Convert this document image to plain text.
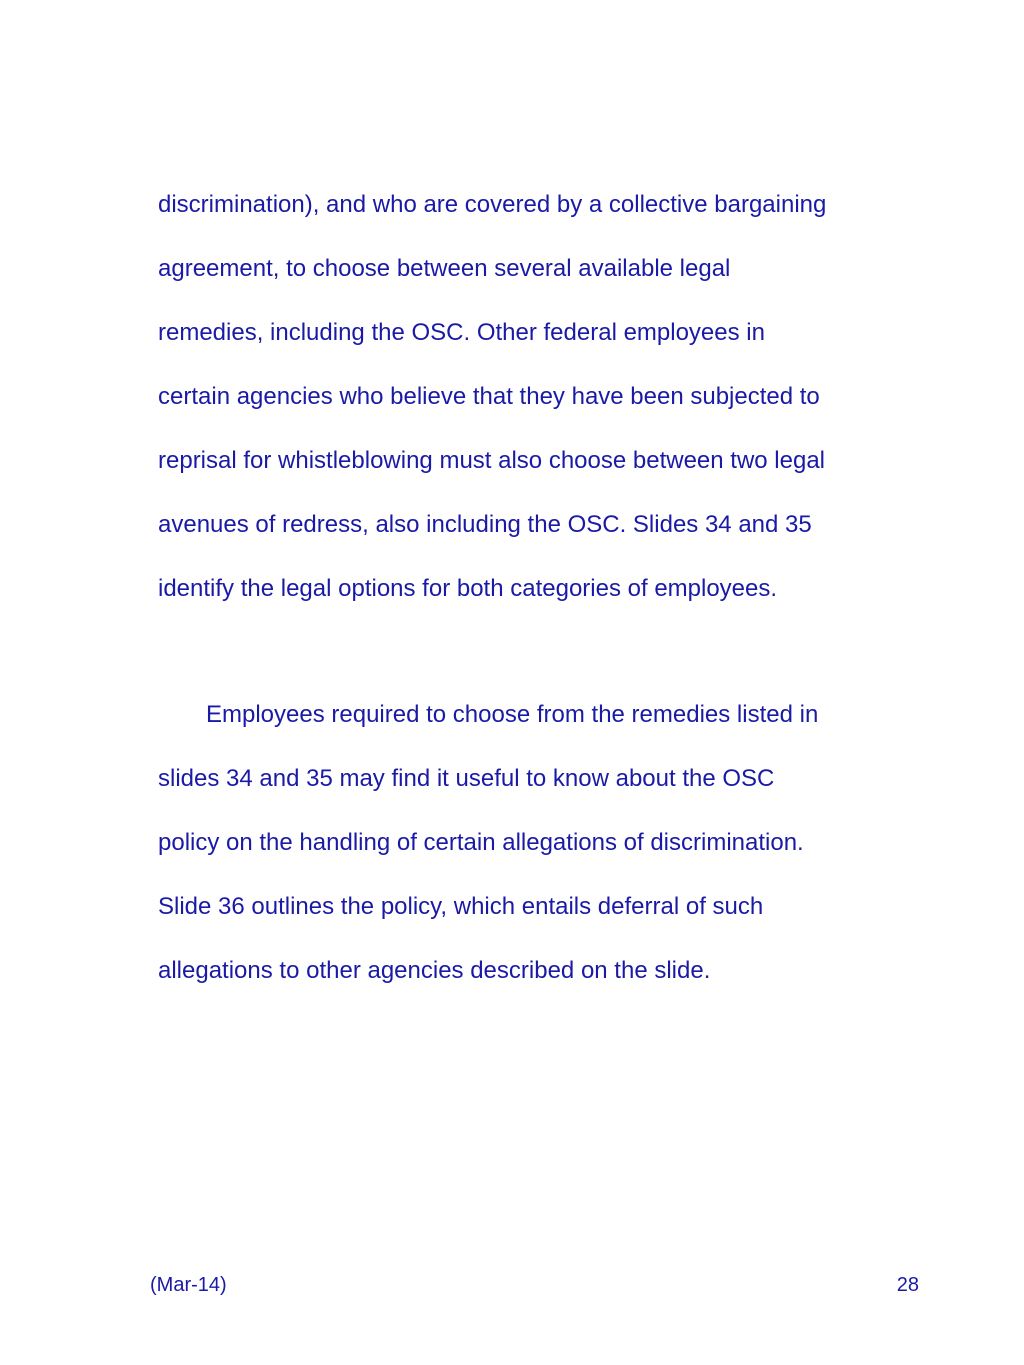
discrimination), and who are covered by a collective bargaining
agreement, to choose between several available legal
remedies, including the OSC. Other federal employees in
certain agencies who believe that they have been subjected to
reprisal for whistleblowing must also choose between two legal
avenues of redress, also including the OSC. Slides 34 and 35
identify the legal options for both categories of employees.
Employees required to choose from the remedies listed in
slides 34 and 35 may find it useful to know about the OSC
policy on the handling of certain allegations of discrimination.
Slide 36 outlines the policy, which entails deferral of such
allegations to other agencies described on the slide.
(Mar-14)	28
